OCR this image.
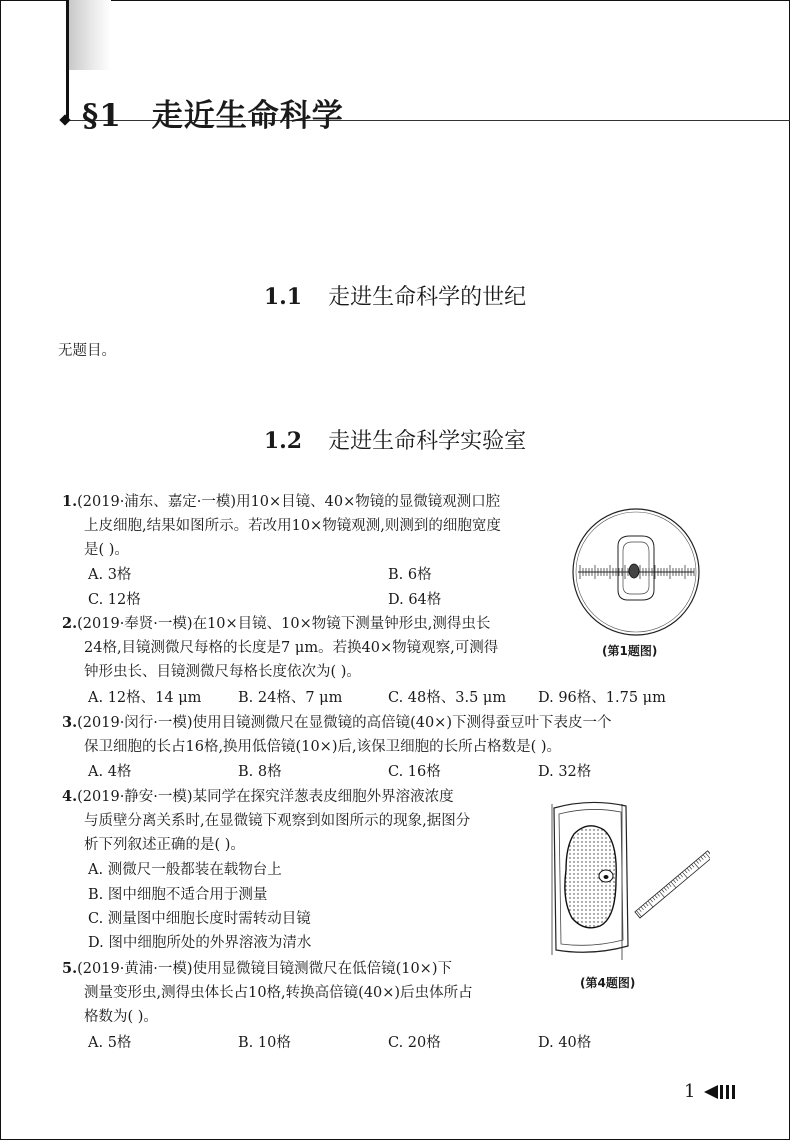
§1 走近生命科学
1.1 走进生命科学的世纪
无题目。
1.2 走进生命科学实验室
1.(2019·浦东、嘉定·一模)用10×目镜、40×物镜的显微镜观测口腔
上皮细胞,结果如图所示。若改用10×物镜观测,则测到的细胞宽度
是( )。
A. 3格	B. 6格
C. 12格	D. 64格
2.(2019·奉贤·一模)在10×目镜、10×物镜下测量钟形虫,测得虫长
24格,目镜测微尺每格的长度是7 μm。若换40×物镜观察,可测得
钟形虫长、目镜测微尺每格长度依次为( )。
A. 12格、14 μm	B. 24格、7 μm	C. 48格、3.5 μm D. 96格、1.75 μm
3.(2019·闵行·一模)使用目镜测微尺在显微镜的高倍镜(40×)下测得蚕豆叶下表皮一个
保卫细胞的长占16格,换用低倍镜(10×)后,该保卫细胞的长所占格数是( )。
A. 4格	B. 8格	C. 16格	D. 32格
4.(2019·静安·一模)某同学在探究洋葱表皮细胞外界溶液浓度
与质壁分离关系时,在显微镜下观察到如图所示的现象,据图分
析下列叙述正确的是( )。
A. 测微尺一般都装在载物台上
B. 图中细胞不适合用于测量
C. 测量图中细胞长度时需转动目镜
D. 图中细胞所处的外界溶液为清水
5.(2019·黄浦·一模)使用显微镜目镜测微尺在低倍镜(10×)下
测量变形虫,测得虫体长占10格,转换高倍镜(40×)后虫体所占
格数为( )。
A. 5格	B. 10格	C. 20格	D. 40格
(第1题图)
(第4题图)
1
